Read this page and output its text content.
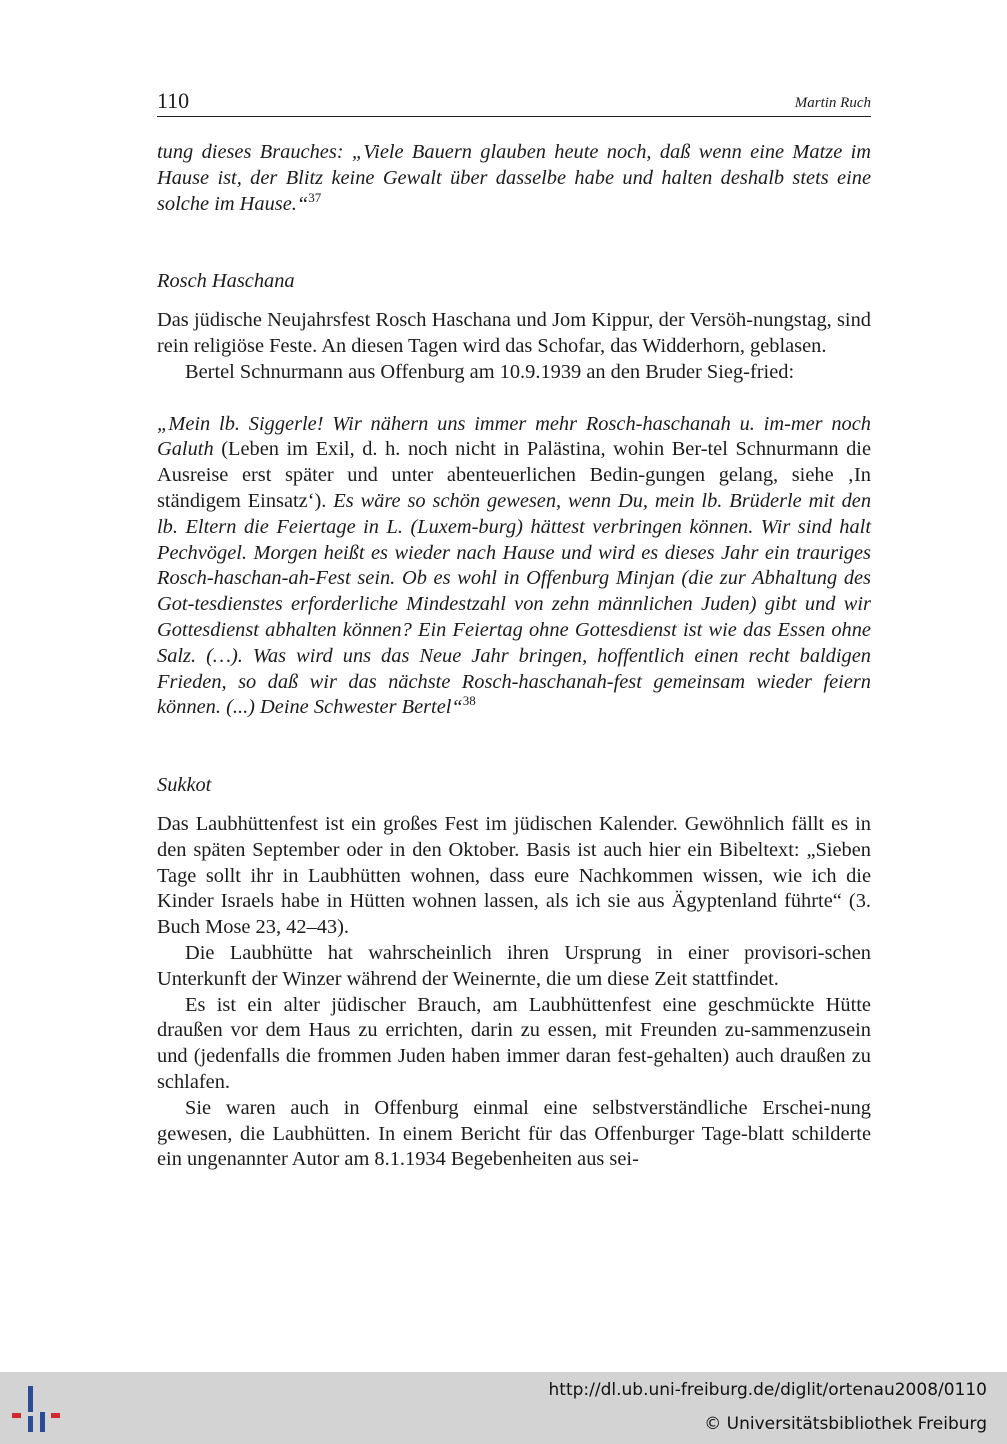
110	Martin Ruch

tung dieses Brauches: „Viele Bauern glauben heute noch, daß wenn eine Matze im Hause ist, der Blitz keine Gewalt über dasselbe habe und halten deshalb stets eine solche im Hause.“$^{37}$

Rosch Haschana

Das jüdische Neujahrsfest Rosch Haschana und Jom Kippur, der Versöh-nungstag, sind rein religiöse Feste. An diesen Tagen wird das Schofar, das Widderhorn, geblasen.

Bertel Schnurmann aus Offenburg am 10.9.1939 an den Bruder Sieg-fried:

„Mein lb. Siggerle! Wir nähern uns immer mehr Rosch-haschanah u. im-mer noch Galuth (Leben im Exil, d. h. noch nicht in Palästina, wohin Ber-tel Schnurmann die Ausreise erst später und unter abenteuerlichen Bedin-gungen gelang, siehe ‚In ständigem Einsatz‘). Es wäre so schön gewesen, wenn Du, mein lb. Brüderle mit den lb. Eltern die Feiertage in L. (Luxem-burg) hättest verbringen können. Wir sind halt Pechvögel. Morgen heißt es wieder nach Hause und wird es dieses Jahr ein trauriges Rosch-haschan-ah-Fest sein. Ob es wohl in Offenburg Minjan (die zur Abhaltung des Got-tesdienstes erforderliche Mindestzahl von zehn männlichen Juden) gibt und wir Gottesdienst abhalten können? Ein Feiertag ohne Gottesdienst ist wie das Essen ohne Salz. (…). Was wird uns das Neue Jahr bringen, hoffentlich einen recht baldigen Frieden, so daß wir das nächste Rosch-haschanah-fest gemeinsam wieder feiern können. (...) Deine Schwester Bertel“$^{38}$

Sukkot

Das Laubhüttenfest ist ein großes Fest im jüdischen Kalender. Gewöhnlich fällt es in den späten September oder in den Oktober. Basis ist auch hier ein Bibeltext: „Sieben Tage sollt ihr in Laubhütten wohnen, dass eure Nachkommen wissen, wie ich die Kinder Israels habe in Hütten wohnen lassen, als ich sie aus Ägyptenland führte“ (3. Buch Mose 23, 42–43).

Die Laubhütte hat wahrscheinlich ihren Ursprung in einer provisori-schen Unterkunft der Winzer während der Weinernte, die um diese Zeit stattfindet.

Es ist ein alter jüdischer Brauch, am Laubhüttenfest eine geschmückte Hütte draußen vor dem Haus zu errichten, darin zu essen, mit Freunden zu-sammenzusein und (jedenfalls die frommen Juden haben immer daran fest-gehalten) auch draußen zu schlafen.

Sie waren auch in Offenburg einmal eine selbstverständliche Erschei-nung gewesen, die Laubhütten. In einem Bericht für das Offenburger Tage-blatt schilderte ein ungenannter Autor am 8.1.1934 Begebenheiten aus sei-

http://dl.ub.uni-freiburg.de/diglit/ortenau2008/0110
© Universitätsbibliothek Freiburg
